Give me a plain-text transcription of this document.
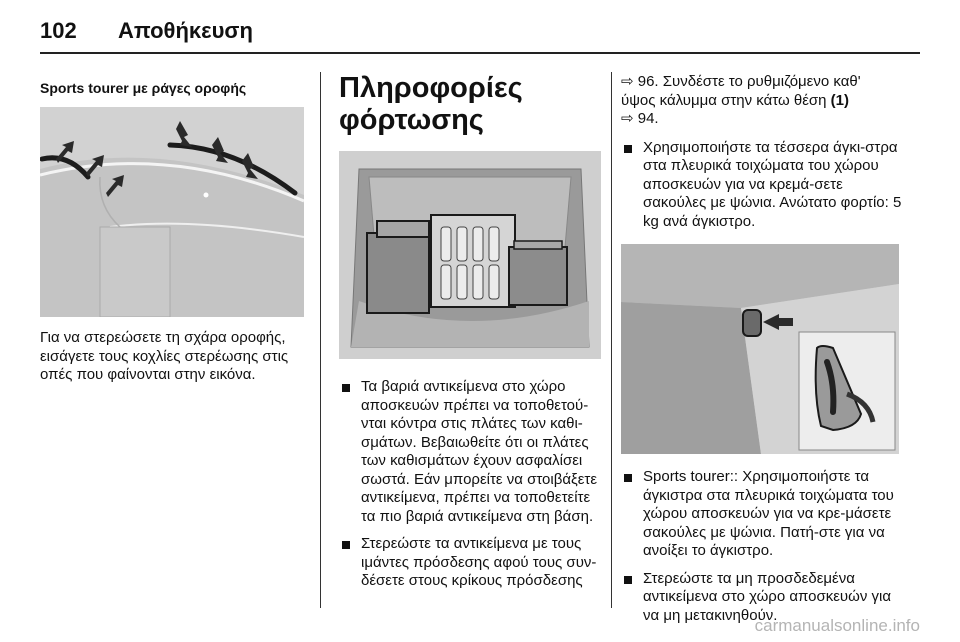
102 Αποθήκευση

Sports tourer με ράγες οροφής

Για να στερεώσετε τη σχάρα οροφής, εισάγετε τους κοχλίες στερέωσης στις οπές που φαίνονται στην εικόνα.

Πληροφορίες

φόρτωσης

Τα βαριά αντικείμενα στο χώρο αποσκευών πρέπει να τοποθετού-νται κόντρα στις πλάτες των καθι-σμάτων. Βεβαιωθείτε ότι οι πλάτες των καθισμάτων έχουν ασφαλίσει σωστά. Εάν μπορείτε να στοιβάξετε αντικείμενα, πρέπει να τοποθετείτε τα πιο βαριά αντικείμενα στη βάση.
Στερεώστε τα αντικείμενα με τους ιμάντες πρόσδεσης αφού τους συν-δέσετε στους κρίκους πρόσδεσης

⇨ 96. Συνδέστε το ρυθμιζόμενο καθ'
ύψος κάλυμμα στην κάτω θέση (1)
⇨ 94.

Χρησιμοποιήστε τα τέσσερα άγκι-στρα στα πλευρικά τοιχώματα του χώρου αποσκευών για να κρεμά-σετε σακούλες με ψώνια. Ανώτατο φορτίο: 5 kg ανά άγκιστρο.
Sports tourer:: Χρησιμοποιήστε τα άγκιστρα στα πλευρικά τοιχώματα του χώρου αποσκευών για να κρε-μάσετε σακούλες με ψώνια. Πατή-στε για να ανοίξει το άγκιστρο.
Στερεώστε τα μη προσδεδεμένα αντικείμενα στο χώρο αποσκευών για να μη μετακινηθούν.
carmanualsonline.info
